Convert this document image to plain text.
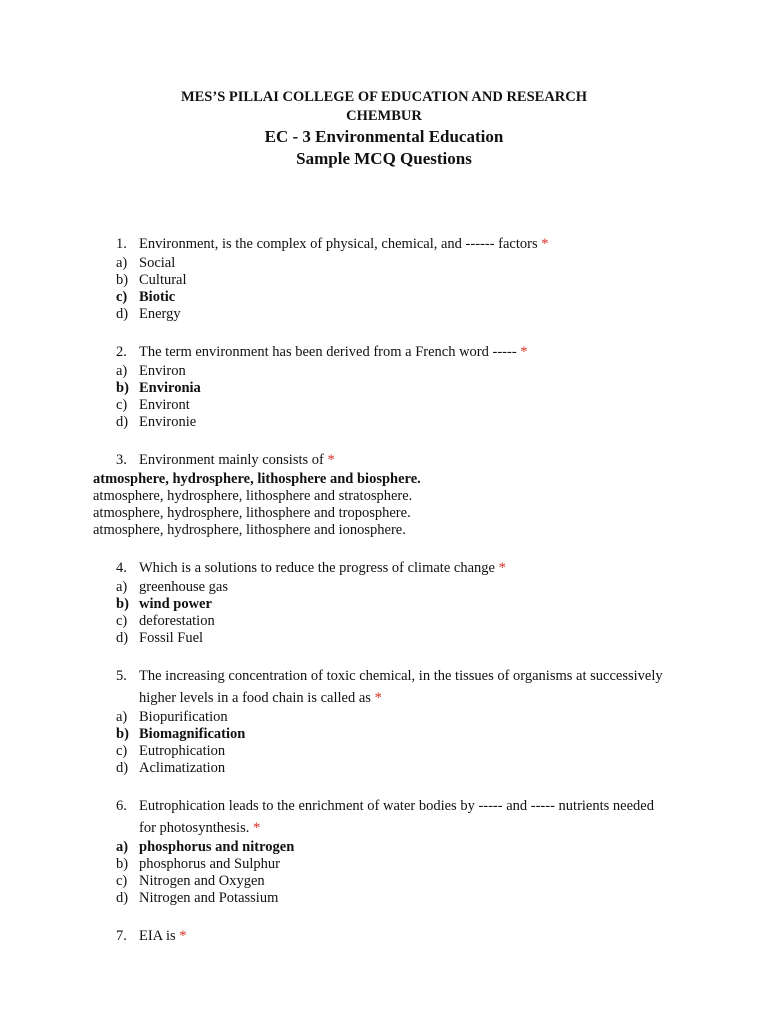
MES’S PILLAI COLLEGE OF EDUCATION AND RESEARCH
CHEMBUR
EC - 3 Environmental Education
Sample MCQ Questions
1. Environment, is the complex of physical, chemical, and ------ factors *
a) Social
b) Cultural
c) Biotic
d) Energy
2. The term environment has been derived from a French word ----- *
a) Environ
b) Environia
c) Environt
d) Environie
3. Environment mainly consists of *
atmosphere, hydrosphere, lithosphere and biosphere.
atmosphere, hydrosphere, lithosphere and stratosphere.
atmosphere, hydrosphere, lithosphere and troposphere.
atmosphere, hydrosphere, lithosphere and ionosphere.
4. Which is a solutions to reduce the progress of climate change *
a) greenhouse gas
b) wind power
c) deforestation
d) Fossil Fuel
5. The increasing concentration of toxic chemical, in the tissues of organisms at successively higher levels in a food chain is called as *
a) Biopurification
b) Biomagnification
c) Eutrophication
d) Aclimatization
6. Eutrophication leads to the enrichment of water bodies by ----- and ----- nutrients needed for photosynthesis. *
a) phosphorus and nitrogen
b) phosphorus and Sulphur
c) Nitrogen and Oxygen
d) Nitrogen and Potassium
7. EIA is *
